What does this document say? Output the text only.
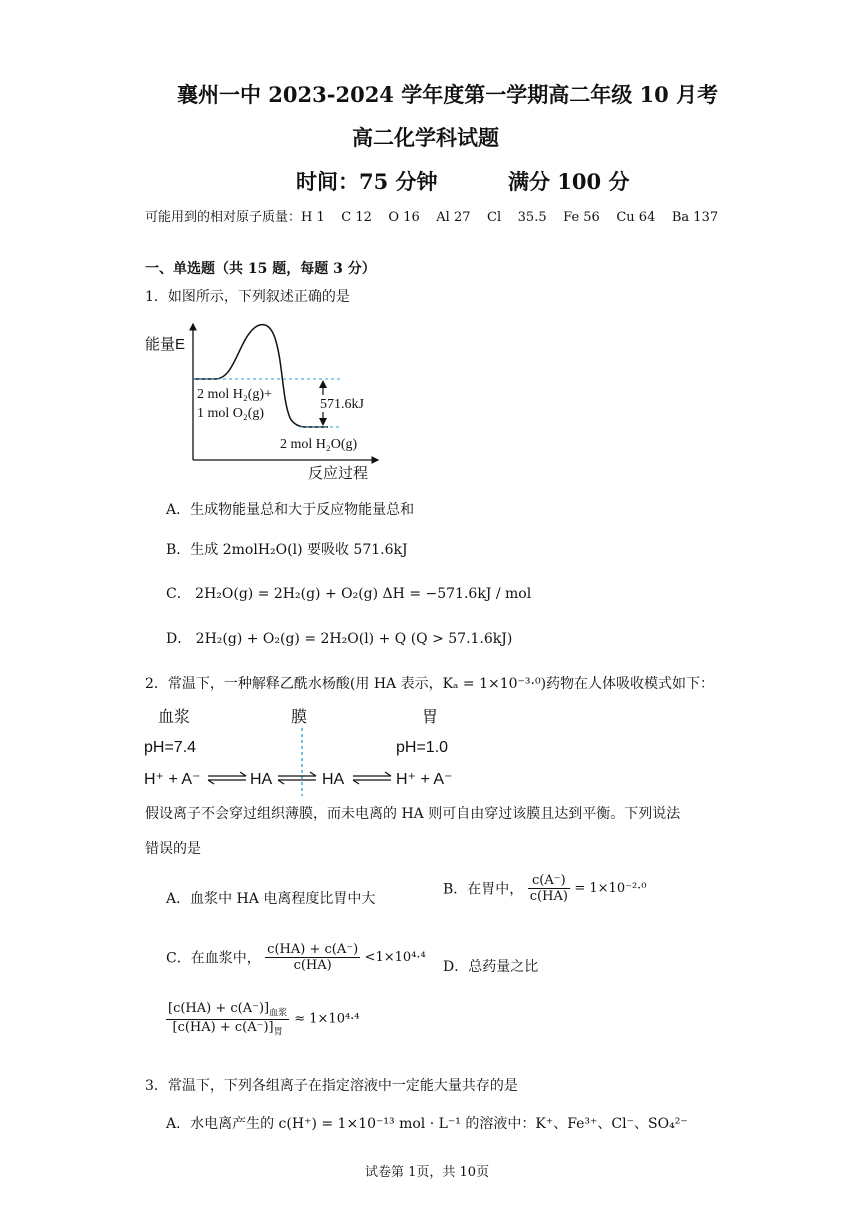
襄州一中 2023-2024 学年度第一学期高二年级 10 月考
高二化学科试题
时间：75 分钟	满分 100 分
可能用到的相对原子质量：H 1    C 12    O 16    Al 27    Cl    35.5    Fe 56    Cu 64    Ba 137
一、单选题（共 15 题，每题 3 分）
1．如图所示，下列叙述正确的是
能量E
反应过程
2 mol H₂(g)+
1 mol O₂(g)
571.6kJ
2 mol H₂O(g)
A．生成物能量总和大于反应物能量总和
B．生成 2molH₂O(l) 要吸收 571.6kJ
C． 2H₂O(g) = 2H₂(g) + O₂(g) ΔH = −571.6kJ / mol
D． 2H₂(g) + O₂(g) = 2H₂O(l) + Q (Q > 57.1.6kJ)
2．常温下，一种解释乙酰水杨酸(用 HA 表示，Kₐ = 1×10⁻³·⁰)药物在人体吸收模式如下：
血浆	膜	胃
pH=7.4	pH=1.0
H⁺ + A⁻	HA	HA	H⁺ + A⁻
假设离子不会穿过组织薄膜，而未电离的 HA 则可自由穿过该膜且达到平衡。下列说法
错误的是
A．血浆中 HA 电离程度比胃中大
B．在胃中， $\frac{c(A^-)}{c(HA)} = 1\times 10^{-2}\cdot^0$
C．在血浆中， $\frac{c(HA) + c(A^-)}{c(HA)} <1\times 10^4\cdot^4$
D．总药量之比
$\frac{[c(HA) + c(A^-)]_{血浆}}{[c(HA) + c(A^-)]_胃} \approx 1\times 10^4\cdot^4$
3．常温下，下列各组离子在指定溶液中一定能大量共存的是
A．水电离产生的 c(H⁺) = 1×10⁻¹³ mol · L⁻¹ 的溶液中：K⁺、Fe³⁺、Cl⁻、SO₄²⁻
试卷第 1页，共 10页
